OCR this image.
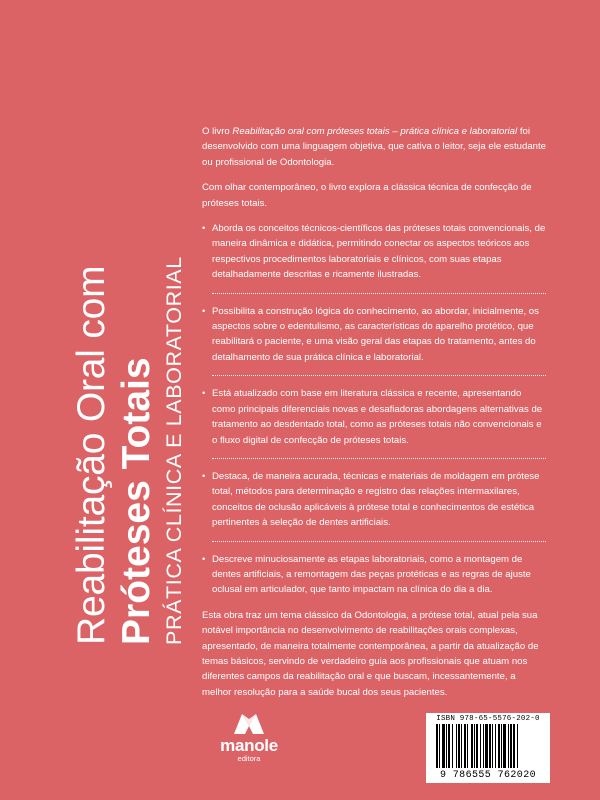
Reabilitação Oral com Próteses Totais PRÁTICA CLÍNICA E LABORATORIAL

O livro Reabilitação oral com próteses totais – prática clínica e laboratorial foi desenvolvido com uma linguagem objetiva, que cativa o leitor, seja ele estudante ou profissional de Odontologia.

Com olhar contemporâneo, o livro explora a clássica técnica de confecção de próteses totais.

• Aborda os conceitos técnicos-científicos das próteses totais convencionais, de maneira dinâmica e didática, permitindo conectar os aspectos teóricos aos respectivos procedimentos laboratoriais e clínicos, com suas etapas detalhadamente descritas e ricamente ilustradas.
• Possibilita a construção lógica do conhecimento, ao abordar, inicialmente, os aspectos sobre o edentulismo, as características do aparelho protético, que reabilitará o paciente, e uma visão geral das etapas do tratamento, antes do detalhamento de sua prática clínica e laboratorial.
• Está atualizado com base em literatura clássica e recente, apresentando como principais diferenciais novas e desafiadoras abordagens alternativas de tratamento ao desdentado total, como as próteses totais não convencionais e o fluxo digital de confecção de próteses totais.
• Destaca, de maneira acurada, técnicas e materiais de moldagem em prótese total, métodos para determinação e registro das relações intermaxilares, conceitos de oclusão aplicáveis à prótese total e conhecimentos de estética pertinentes à seleção de dentes artificiais.
• Descreve minuciosamente as etapas laboratoriais, como a montagem de dentes artificiais, a remontagem das peças protéticas e as regras de ajuste oclusal em articulador, que tanto impactam na clínica do dia a dia.

Esta obra traz um tema clássico da Odontologia, a prótese total, atual pela sua notável importância no desenvolvimento de reabilitações orais complexas, apresentado, de maneira totalmente contemporânea, a partir da atualização de temas básicos, servindo de verdadeiro guia aos profissionais que atuam nos diferentes campos da reabilitação oral e que buscam, incessantemente, a melhor resolução para a saúde bucal dos seus pacientes.

manole
editora
ISBN 978-65-5576-202-0
9 786555 762020
